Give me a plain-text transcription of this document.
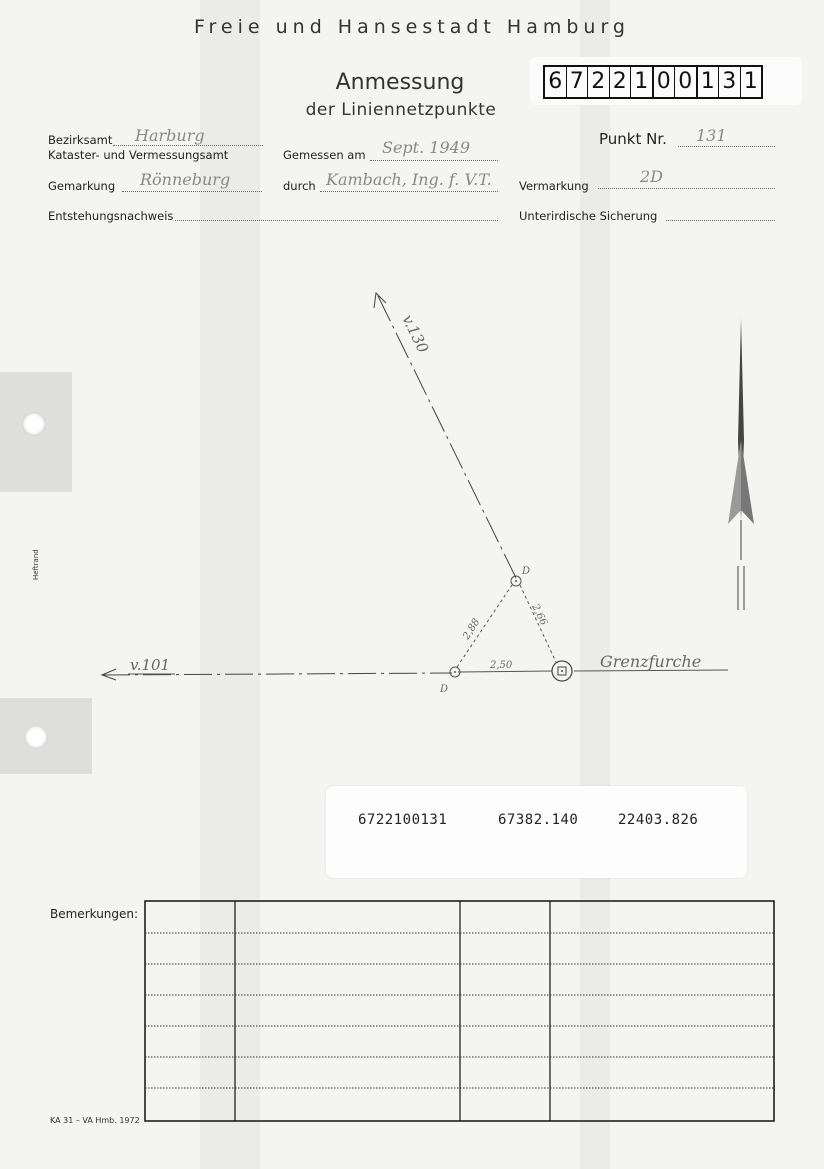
Freie und Hansestadt Hamburg
Anmessung
der Liniennetzpunkte
6 7 2 2 1 0 0 1 3 1
Bezirksamt Harburg
Kataster- und Vermessungsamt	Gemessen am Sept. 1949	Punkt Nr. 131
Gemarkung Rönneburg	durch Kambach, Ing. f. V.T. Vermarkung	2D
Entstehungsnachweis	Unterirdische Sicherung
v.130
v.101	Grenzfurche
2,88
2,66
2,50
D
D
6722100131	67382.140	22403.826
Bemerkungen:
KA 31 – VA Hmb. 1972
Heftrand
